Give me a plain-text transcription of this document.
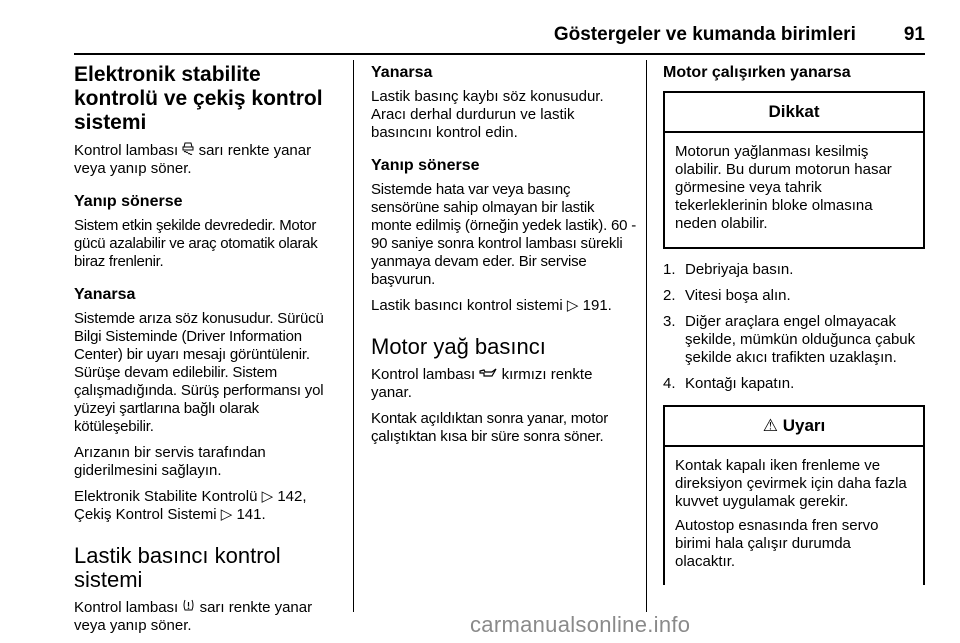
Göstergeler ve kumanda birimleri	91
Elektronik stabilite kontrolü ve çekiş kontrol sistemi

Kontrol lambası sarı renkte yanar veya yanıp söner.

Yanıp sönerse

Sistem etkin şekilde devrededir. Motor gücü azalabilir ve araç otomatik olarak biraz frenlenir.

Yanarsa

Sistemde arıza söz konusudur. Sürücü Bilgi Sisteminde (Driver Information Center) bir uyarı mesajı görüntülenir. Sürüşe devam edilebilir. Sistem çalışmadığında. Sürüş performansı yol yüzeyi şartlarına bağlı olarak kötüleşebilir.

Arızanın bir servis tarafından giderilmesini sağlayın.

Elektronik Stabilite Kontrolü ▷ 142,
Çekiş Kontrol Sistemi ▷ 141.

Lastik basıncı kontrol sistemi

Kontrol lambası sarı renkte yanar veya yanıp söner.

Yanarsa

Lastik basınç kaybı söz konusudur. Aracı derhal durdurun ve lastik basıncını kontrol edin.

Yanıp sönerse

Sistemde hata var veya basınç sensörüne sahip olmayan bir lastik monte edilmiş (örneğin yedek lastik). 60 - 90 saniye sonra kontrol lambası sürekli yanmaya devam eder. Bir servise başvurun.

Lastik basıncı kontrol sistemi ▷ 191.

Motor yağ basıncı

Kontrol lambası kırmızı renkte yanar.

Kontak açıldıktan sonra yanar, motor çalıştıktan kısa bir süre sonra söner.

Motor çalışırken yanarsa
Dikkat

Motorun yağlanması kesilmiş olabilir. Bu durum motorun hasar görmesine veya tahrik tekerleklerinin bloke olmasına neden olabilir.

1. Debriyaja basın.
2. Vitesi boşa alın.
3. Diğer araçlara engel olmayacak şekilde, mümkün olduğunca çabuk şekilde akıcı trafikten uzaklaşın.
4. Kontağı kapatın.
⚠ Uyarı

Kontak kapalı iken frenleme ve direksiyon çevirmek için daha fazla kuvvet uygulamak gerekir.

Autostop esnasında fren servo birimi hala çalışır durumda olacaktır.

carmanualsonline.info
